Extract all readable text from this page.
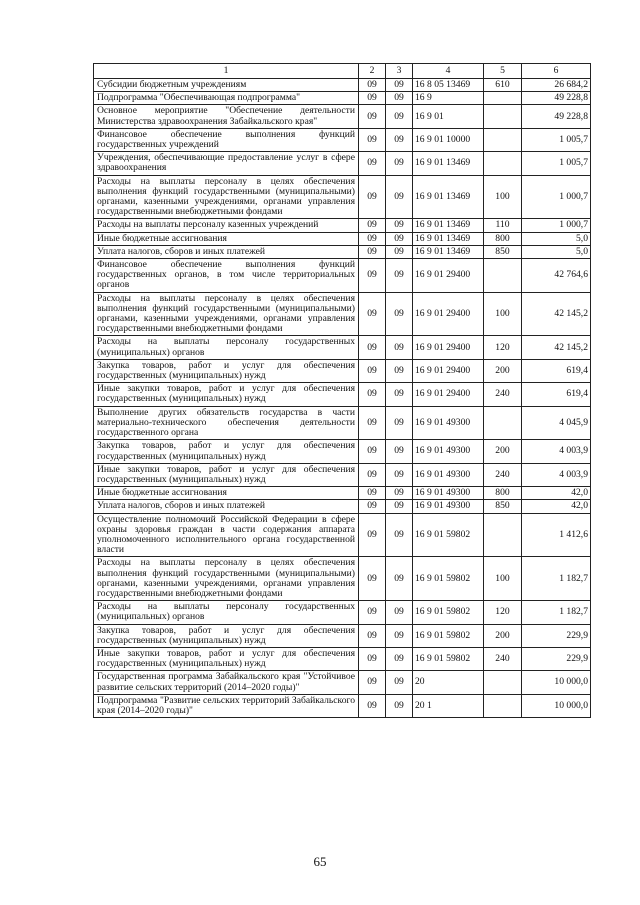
1	2	3	4	5	6
Субсидии бюджетным учреждениям	09	09	16 8 05 13469	610	26 684,2
Подпрограмма "Обеспечивающая подпрограмма"	09	09	16 9		49 228,8
Основное мероприятие "Обеспечение деятельности Министерства здравоохранения Забайкальского края"	09	09	16 9 01		49 228,8
Финансовое обеспечение выполнения функций государственных учреждений	09	09	16 9 01 10000		1 005,7
Учреждения, обеспечивающие предоставление услуг в сфере здравоохранения	09	09	16 9 01 13469		1 005,7
Расходы на выплаты персоналу в целях обеспечения выполнения функций государственными (муниципальными) органами, казенными учреждениями, органами управления государственными внебюджетными фондами	09	09	16 9 01 13469	100	1 000,7
Расходы на выплаты персоналу казенных учреждений	09	09	16 9 01 13469	110	1 000,7
Иные бюджетные ассигнования	09	09	16 9 01 13469	800	5,0
Уплата налогов, сборов и иных платежей	09	09	16 9 01 13469	850	5,0
Финансовое обеспечение выполнения функций государственных органов, в том числе территориальных органов	09	09	16 9 01 29400		42 764,6
Расходы на выплаты персоналу в целях обеспечения выполнения функций государственными (муниципальными) органами, казенными учреждениями, органами управления государственными внебюджетными фондами	09	09	16 9 01 29400	100	42 145,2
Расходы на выплаты персоналу государственных (муниципальных) органов	09	09	16 9 01 29400	120	42 145,2
Закупка товаров, работ и услуг для обеспечения государственных (муниципальных) нужд	09	09	16 9 01 29400	200	619,4
Иные закупки товаров, работ и услуг для обеспечения государственных (муниципальных) нужд	09	09	16 9 01 29400	240	619,4
Выполнение других обязательств государства в части материально-технического обеспечения деятельности государственного органа	09	09	16 9 01 49300		4 045,9
Закупка товаров, работ и услуг для обеспечения государственных (муниципальных) нужд	09	09	16 9 01 49300	200	4 003,9
Иные закупки товаров, работ и услуг для обеспечения государственных (муниципальных) нужд	09	09	16 9 01 49300	240	4 003,9
Иные бюджетные ассигнования	09	09	16 9 01 49300	800	42,0
Уплата налогов, сборов и иных платежей	09	09	16 9 01 49300	850	42,0
Осуществление полномочий Российской Федерации в сфере охраны здоровья граждан в части содержания аппарата уполномоченного исполнительного органа государственной власти	09	09	16 9 01 59802		1 412,6
Расходы на выплаты персоналу в целях обеспечения выполнения функций государственными (муниципальными) органами, казенными учреждениями, органами управления государственными внебюджетными фондами	09	09	16 9 01 59802	100	1 182,7
Расходы на выплаты персоналу государственных (муниципальных) органов	09	09	16 9 01 59802	120	1 182,7
Закупка товаров, работ и услуг для обеспечения государственных (муниципальных) нужд	09	09	16 9 01 59802	200	229,9
Иные закупки товаров, работ и услуг для обеспечения государственных (муниципальных) нужд	09	09	16 9 01 59802	240	229,9
Государственная программа Забайкальского края "Устойчивое развитие сельских территорий (2014–2020 годы)"	09	09	20		10 000,0
Подпрограмма "Развитие сельских территорий Забайкальского края (2014–2020 годы)"	09	09	20 1		10 000,0
65
